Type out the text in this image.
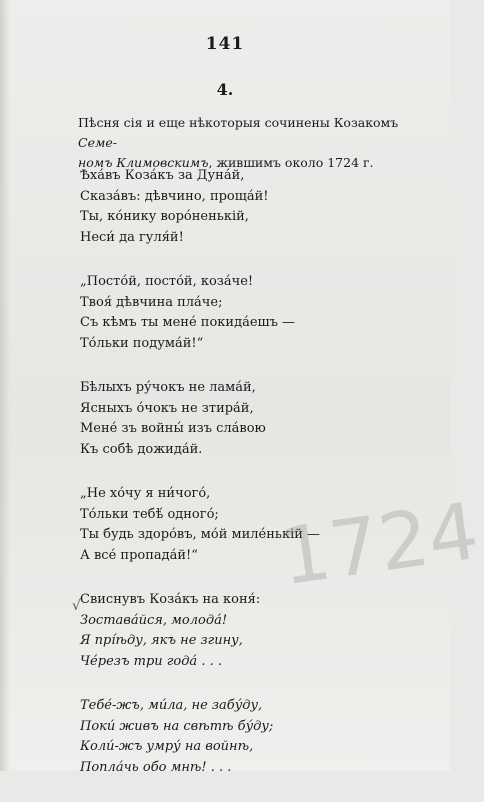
141
4.
Пѣсня сія и еще нѣкоторыя сочинены Козакомъ Семе-
номъ Климовскимъ, жившимъ около 1724 г.
Ѣха́въ Коза́къ за Дуна́й,
Сказа́въ: дѣвчино, проща́й!
Ты, ко́нику воро́ненькій,
Неси́ да гуля́й!
„Посто́й, посто́й, коза́че!
Твоя́ дѣвчина пла́че;
Съ кѣмъ ты мене́ покида́ешъ —
То́льки подума́й!“
Бѣлыхъ ру́чокъ не лама́й,
Ясныхъ о́чокъ не зтира́й,
Мене́ зъ войны́ изъ сла́вою
Къ собѣ дожида́й.
„Не хо́чу я ни́чого́,
То́льки тебѣ́ одного́;
Ты будь здоро́въ, мо́й миле́нькій —
А все́ пропада́й!“
Свиснувъ Коза́къ на коня́:
Зостава́йся, молода́!
Я прі́ѣду, якъ не згину,
Че́резъ три года́ . . .
Тебе́-жъ, ми́ла, не забу́ду,
Поки́ живъ на свѣтѣ бу́ду;
Коли́-жъ умру́ на войнѣ,
Попла́чь обо мнѣ! . . .
1724
√
